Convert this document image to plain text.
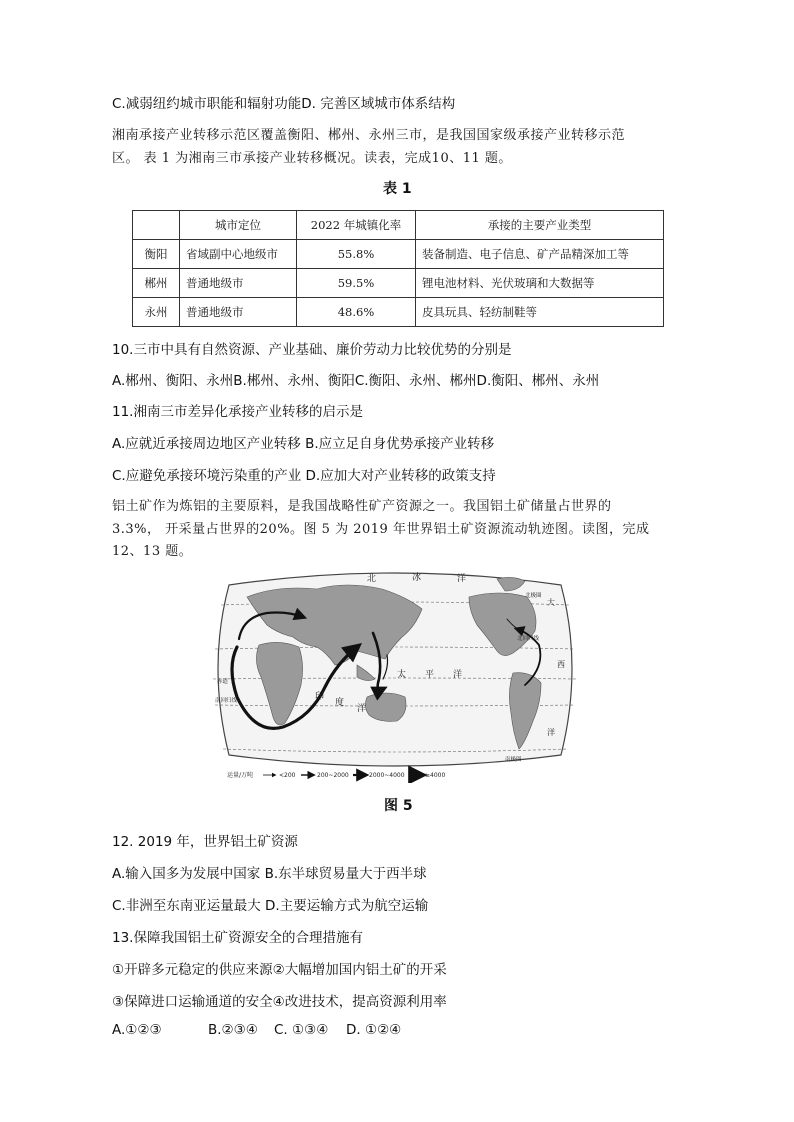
C.减弱纽约城市职能和辐射功能D. 完善区域城市体系结构
湘南承接产业转移示范区覆盖衡阳、郴州、永州三市，是我国国家级承接产业转移示范
区。 表 1 为湘南三市承接产业转移概况。读表，完成10、11 题。
表 1
	城市定位	2022 年城镇化率	承接的主要产业类型
衡阳	省域副中心地级市	55.8%	装备制造、电子信息、矿产品精深加工等
郴州	普通地级市	59.5%	锂电池材料、光伏玻璃和大数据等
永州	普通地级市	48.6%	皮具玩具、轻纺制鞋等
10.三市中具有自然资源、产业基础、廉价劳动力比较优势的分别是
A.郴州、衡阳、永州B.郴州、永州、衡阳C.衡阳、永州、郴州D.衡阳、郴州、永州
11.湘南三市差异化承接产业转移的启示是
A.应就近承接周边地区产业转移 B.应立足自身优势承接产业转移
C.应避免承接环境污染重的产业 D.应加大对产业转移的政策支持
铝土矿作为炼铝的主要原料，是我国战略性矿产资源之一。我国铝土矿储量占世界的
3.3%， 开采量占世界的20%。图 5 为 2019 年世界铝土矿资源流动轨迹图。读图，完成
12、13 题。
北	冰	洋
北极圈
北回归线
赤道
南回归线
南极圈
太 平 洋
印
度
洋
大
西
洋
运量/万吨	<200	200~2000	2000~4000	≥4000
图 5
12. 2019 年，世界铝土矿资源
A.输入国多为发展中国家 B.东半球贸易量大于西半球
C.非洲至东南亚运量最大 D.主要运输方式为航空运输
13.保障我国铝土矿资源安全的合理措施有
①开辟多元稳定的供应来源②大幅增加国内铝土矿的开采
③保障进口运输通道的安全④改进技术，提高资源利用率
A.①②③	B.②③④ C. ①③④ D. ①②④
